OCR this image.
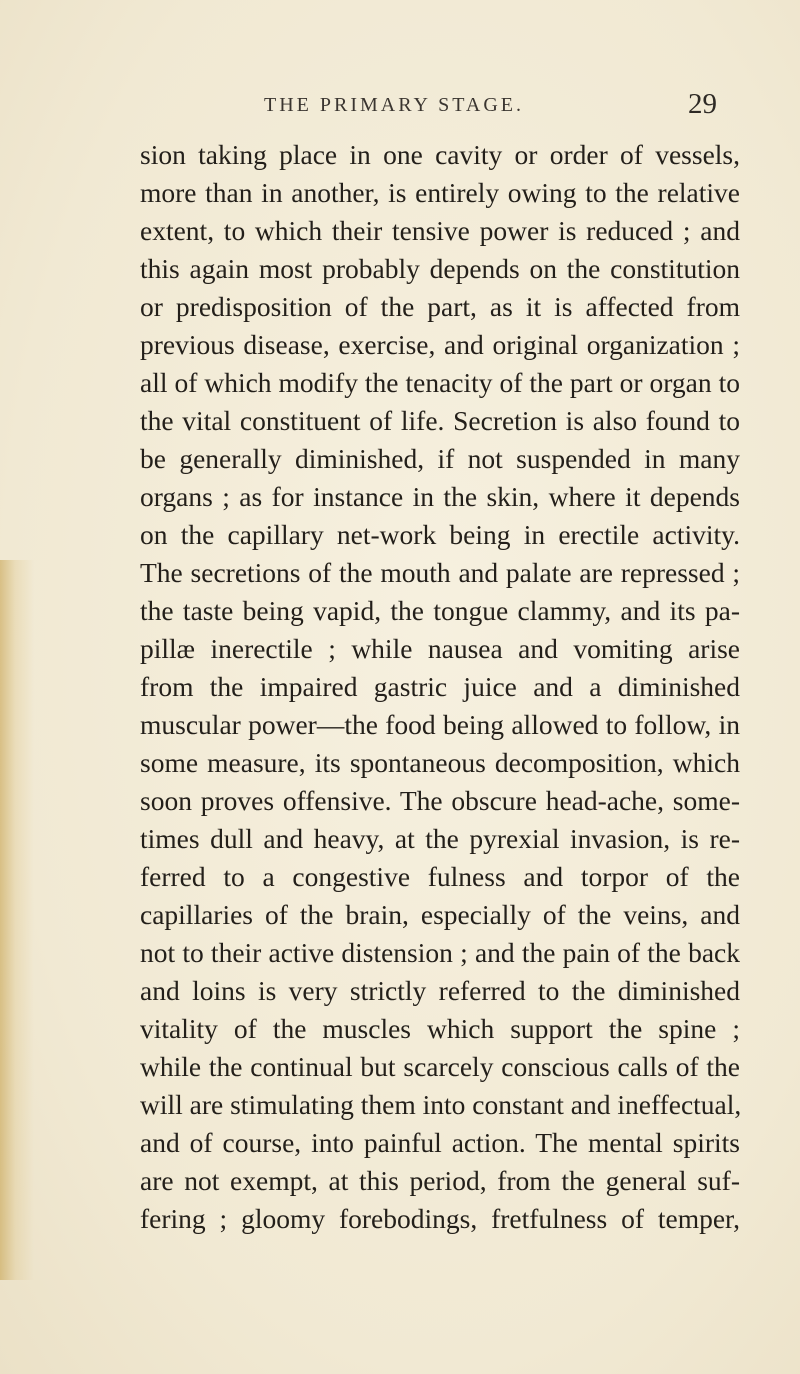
THE PRIMARY STAGE.	29
sion taking place in one cavity or order of vessels,
more than in another, is entirely owing to the relative
extent, to which their tensive power is reduced ; and
this again most probably depends on the constitution
or predisposition of the part, as it is affected from
previous disease, exercise, and original organization ;
all of which modify the tenacity of the part or organ to
the vital constituent of life. Secretion is also found to
be generally diminished, if not suspended in many
organs ; as for instance in the skin, where it depends
on the capillary net-work being in erectile activity.
The secretions of the mouth and palate are repressed ;
the taste being vapid, the tongue clammy, and its pa-
pillæ inerectile ; while nausea and vomiting arise
from the impaired gastric juice and a diminished
muscular power—the food being allowed to follow, in
some measure, its spontaneous decomposition, which
soon proves offensive. The obscure head-ache, some-
times dull and heavy, at the pyrexial invasion, is re-
ferred to a congestive fulness and torpor of the
capillaries of the brain, especially of the veins, and
not to their active distension ; and the pain of the back
and loins is very strictly referred to the diminished
vitality of the muscles which support the spine ;
while the continual but scarcely conscious calls of the
will are stimulating them into constant and ineffectual,
and of course, into painful action. The mental spirits
are not exempt, at this period, from the general suf-
fering ; gloomy forebodings, fretfulness of temper,
